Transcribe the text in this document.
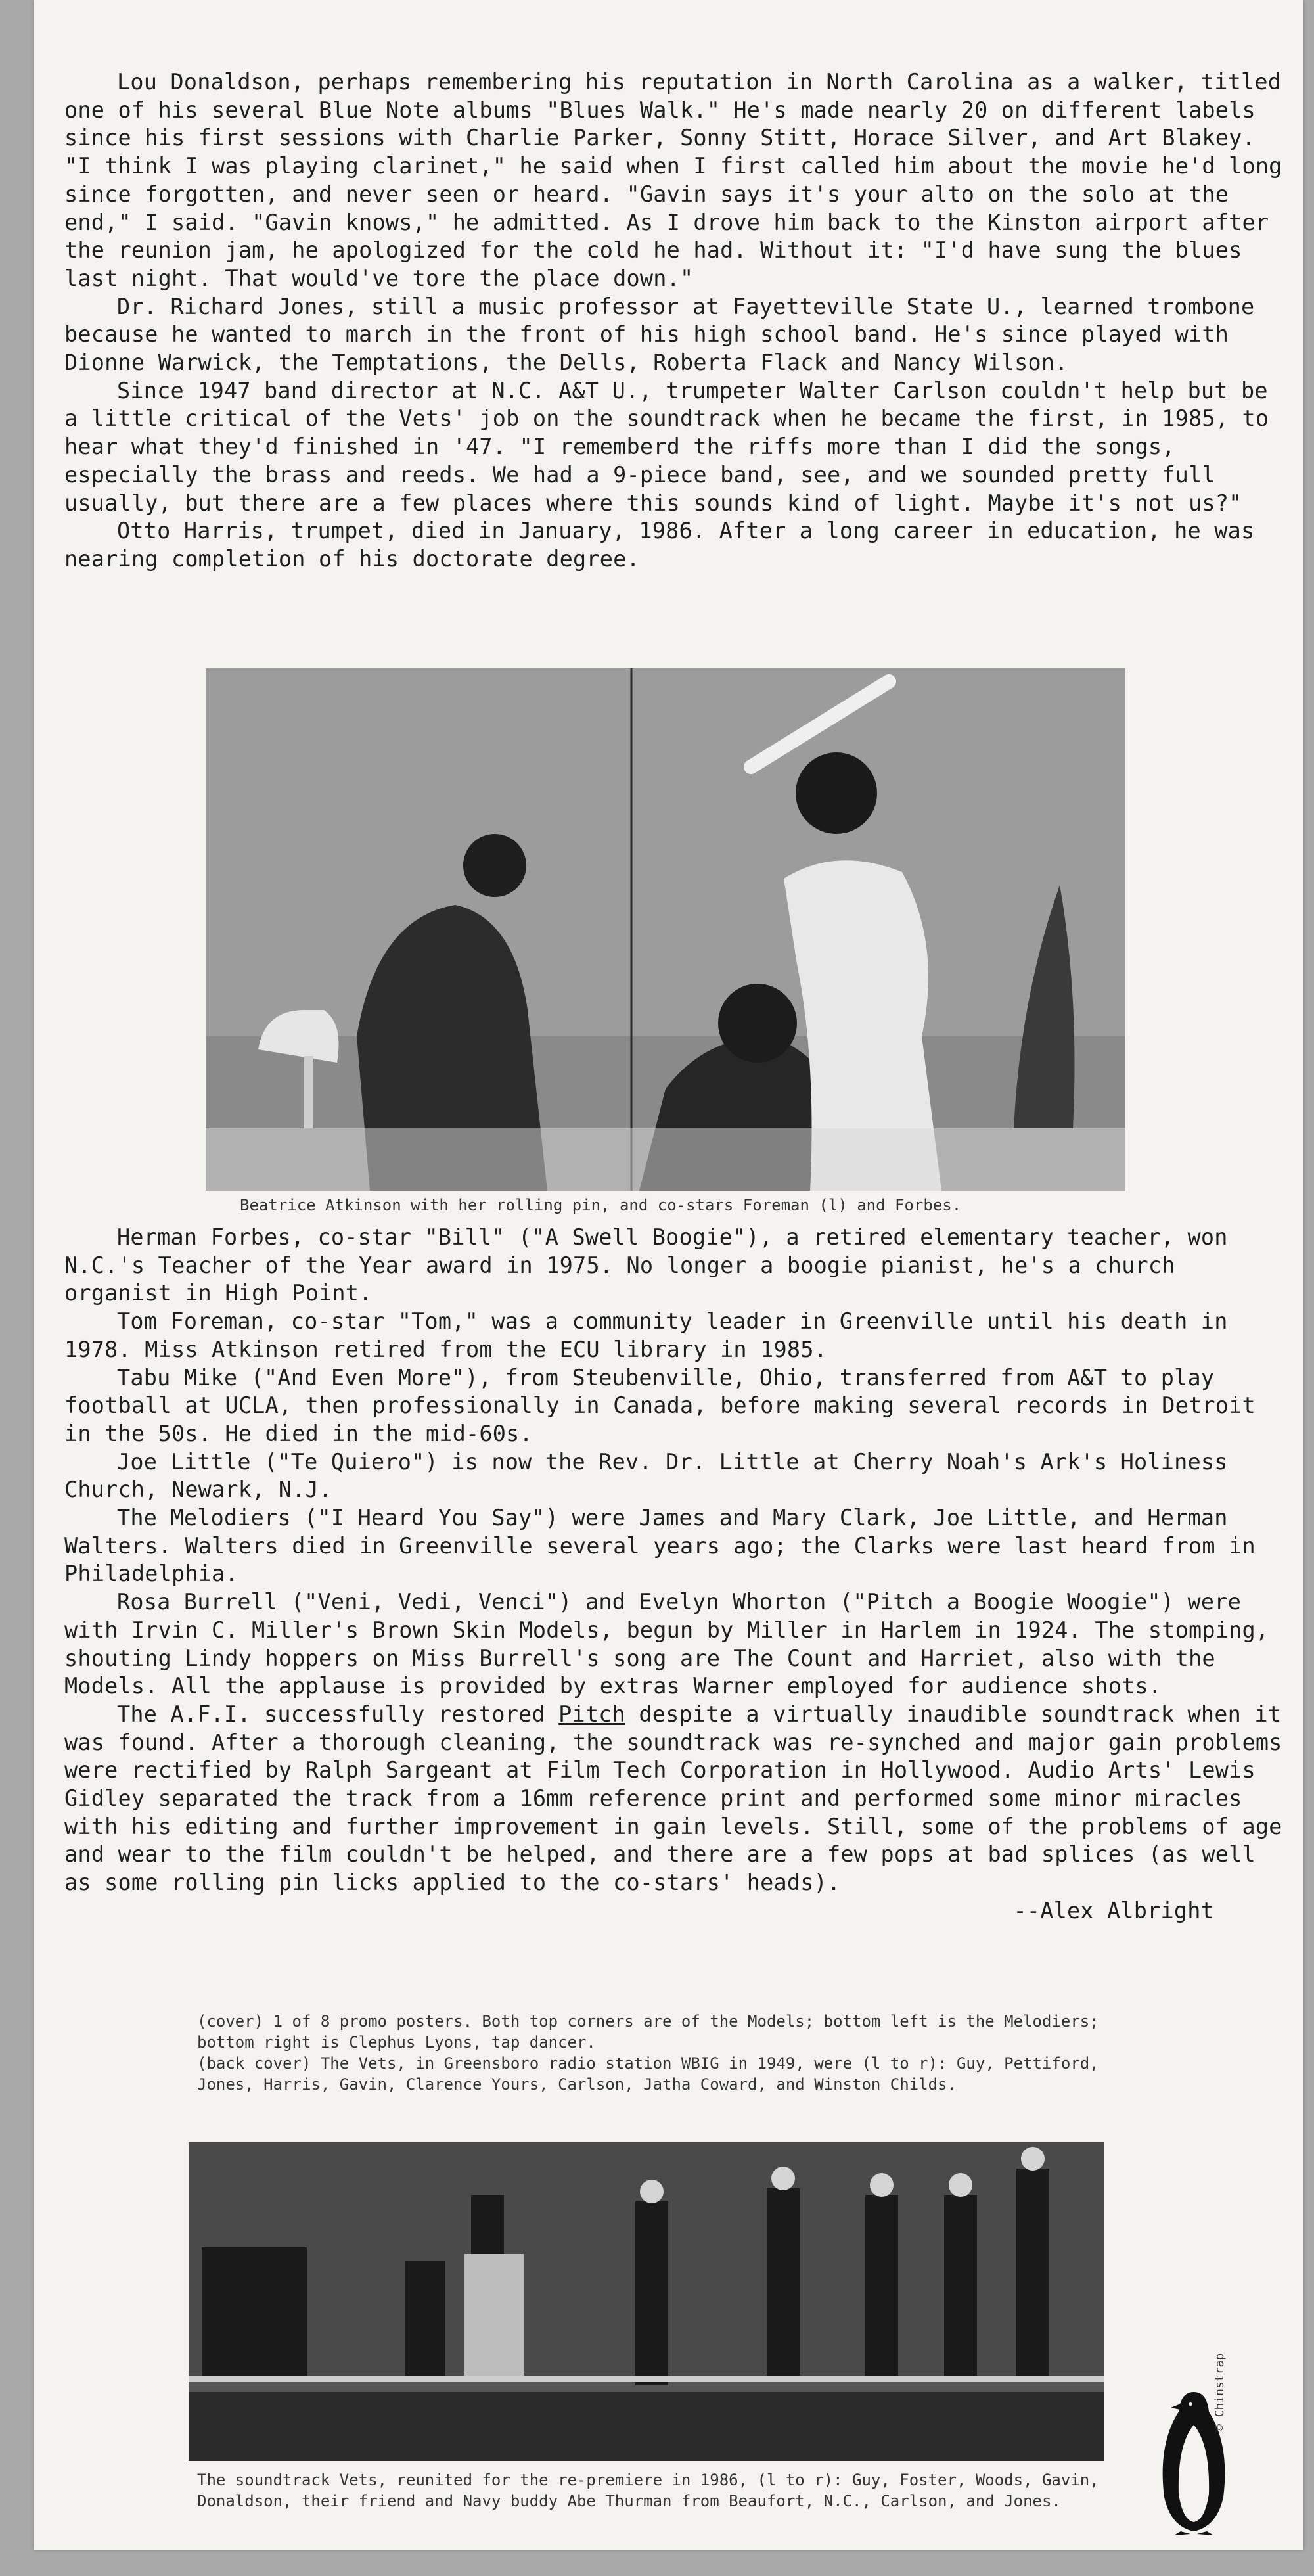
Lou Donaldson, perhaps remembering his reputation in North Carolina as a walker, titled one of his several Blue Note albums "Blues Walk." He's made nearly 20 on different labels since his first sessions with Charlie Parker, Sonny Stitt, Horace Silver, and Art Blakey. "I think I was playing clarinet," he said when I first called him about the movie he'd long since forgotten, and never seen or heard. "Gavin says it's your alto on the solo at the end," I said. "Gavin knows," he admitted. As I drove him back to the Kinston airport after the reunion jam, he apologized for the cold he had. Without it: "I'd have sung the blues last night. That would've tore the place down."

Dr. Richard Jones, still a music professor at Fayetteville State U., learned trombone because he wanted to march in the front of his high school band. He's since played with Dionne Warwick, the Temptations, the Dells, Roberta Flack and Nancy Wilson.

Since 1947 band director at N.C. A&T U., trumpeter Walter Carlson couldn't help but be a little critical of the Vets' job on the soundtrack when he became the first, in 1985, to hear what they'd finished in '47. "I rememberd the riffs more than I did the songs, especially the brass and reeds. We had a 9-piece band, see, and we sounded pretty full usually, but there are a few places where this sounds kind of light. Maybe it's not us?"

Otto Harris, trumpet, died in January, 1986. After a long career in education, he was nearing completion of his doctorate degree.

Beatrice Atkinson with her rolling pin, and co-stars Foreman (l) and Forbes.

Herman Forbes, co-star "Bill" ("A Swell Boogie"), a retired elementary teacher, won N.C.'s Teacher of the Year award in 1975. No longer a boogie pianist, he's a church organist in High Point.

Tom Foreman, co-star "Tom," was a community leader in Greenville until his death in 1978. Miss Atkinson retired from the ECU library in 1985.

Tabu Mike ("And Even More"), from Steubenville, Ohio, transferred from A&T to play football at UCLA, then professionally in Canada, before making several records in Detroit in the 50s. He died in the mid-60s.

Joe Little ("Te Quiero") is now the Rev. Dr. Little at Cherry Noah's Ark's Holiness Church, Newark, N.J.

The Melodiers ("I Heard You Say") were James and Mary Clark, Joe Little, and Herman Walters. Walters died in Greenville several years ago; the Clarks were last heard from in Philadelphia.

Rosa Burrell ("Veni, Vedi, Venci") and Evelyn Whorton ("Pitch a Boogie Woogie") were with Irvin C. Miller's Brown Skin Models, begun by Miller in Harlem in 1924. The stomping, shouting Lindy hoppers on Miss Burrell's song are The Count and Harriet, also with the Models. All the applause is provided by extras Warner employed for audience shots.

The A.F.I. successfully restored Pitch despite a virtually inaudible soundtrack when it was found. After a thorough cleaning, the soundtrack was re-synched and major gain problems were rectified by Ralph Sargeant at Film Tech Corporation in Hollywood. Audio Arts' Lewis Gidley separated the track from a 16mm reference print and performed some minor miracles with his editing and further improvement in gain levels. Still, some of the problems of age and wear to the film couldn't be helped, and there are a few pops at bad splices (as well as some rolling pin licks applied to the co-stars' heads).

--Alex Albright

(cover) 1 of 8 promo posters. Both top corners are of the Models; bottom left is the Melodiers; bottom right is Clephus Lyons, tap dancer.

(back cover) The Vets, in Greensboro radio station WBIG in 1949, were (l to r): Guy, Pettiford, Jones, Harris, Gavin, Clarence Yours, Carlson, Jatha Coward, and Winston Childs.

The soundtrack Vets, reunited for the re-premiere in 1986, (l to r): Guy, Foster, Woods, Gavin, Donaldson, their friend and Navy buddy Abe Thurman from Beaufort, N.C., Carlson, and Jones.
© Chinstrap
